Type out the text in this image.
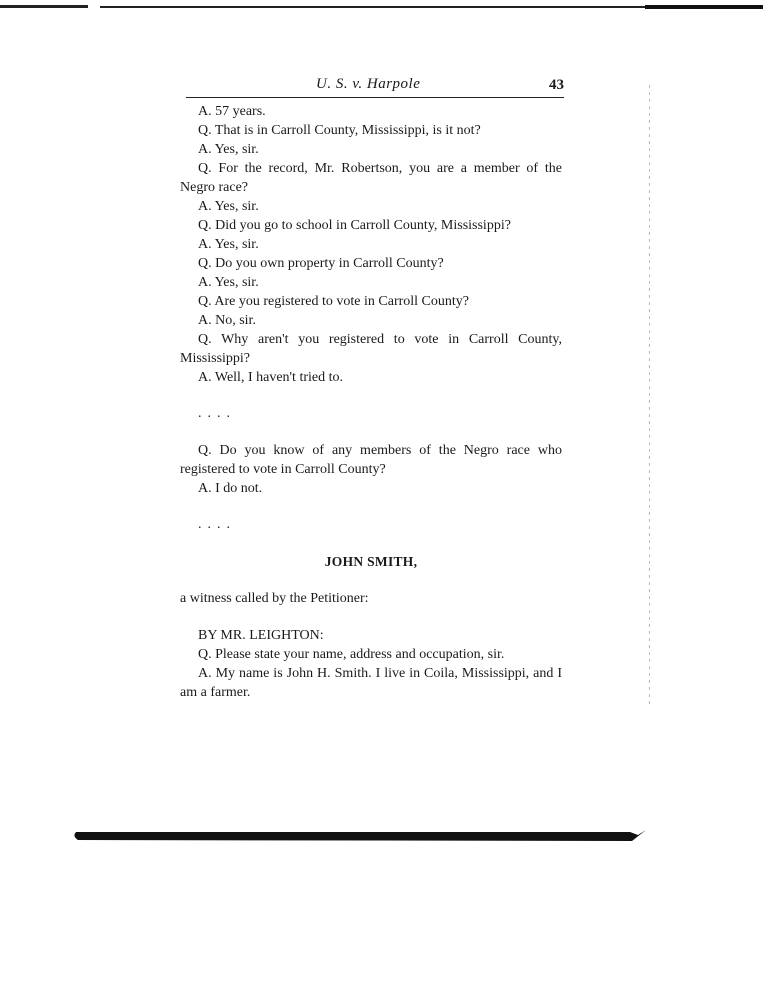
U. S. v. Harpole	43

A. 57 years.

Q. That is in Carroll County, Mississippi, is it not?

A. Yes, sir.

Q. For the record, Mr. Robertson, you are a member of the Negro race?

A. Yes, sir.

Q. Did you go to school in Carroll County, Mississippi?

A. Yes, sir.

Q. Do you own property in Carroll County?

A. Yes, sir.

Q. Are you registered to vote in Carroll County?

A. No, sir.

Q. Why aren't you registered to vote in Carroll County, Mississippi?

A. Well, I haven't tried to.

....

Q. Do you know of any members of the Negro race who registered to vote in Carroll County?

A. I do not.

....

JOHN SMITH,

a witness called by the Petitioner:

BY MR. LEIGHTON:

Q. Please state your name, address and occupation, sir.

A. My name is John H. Smith. I live in Coila, Mississippi, and I am a farmer.
